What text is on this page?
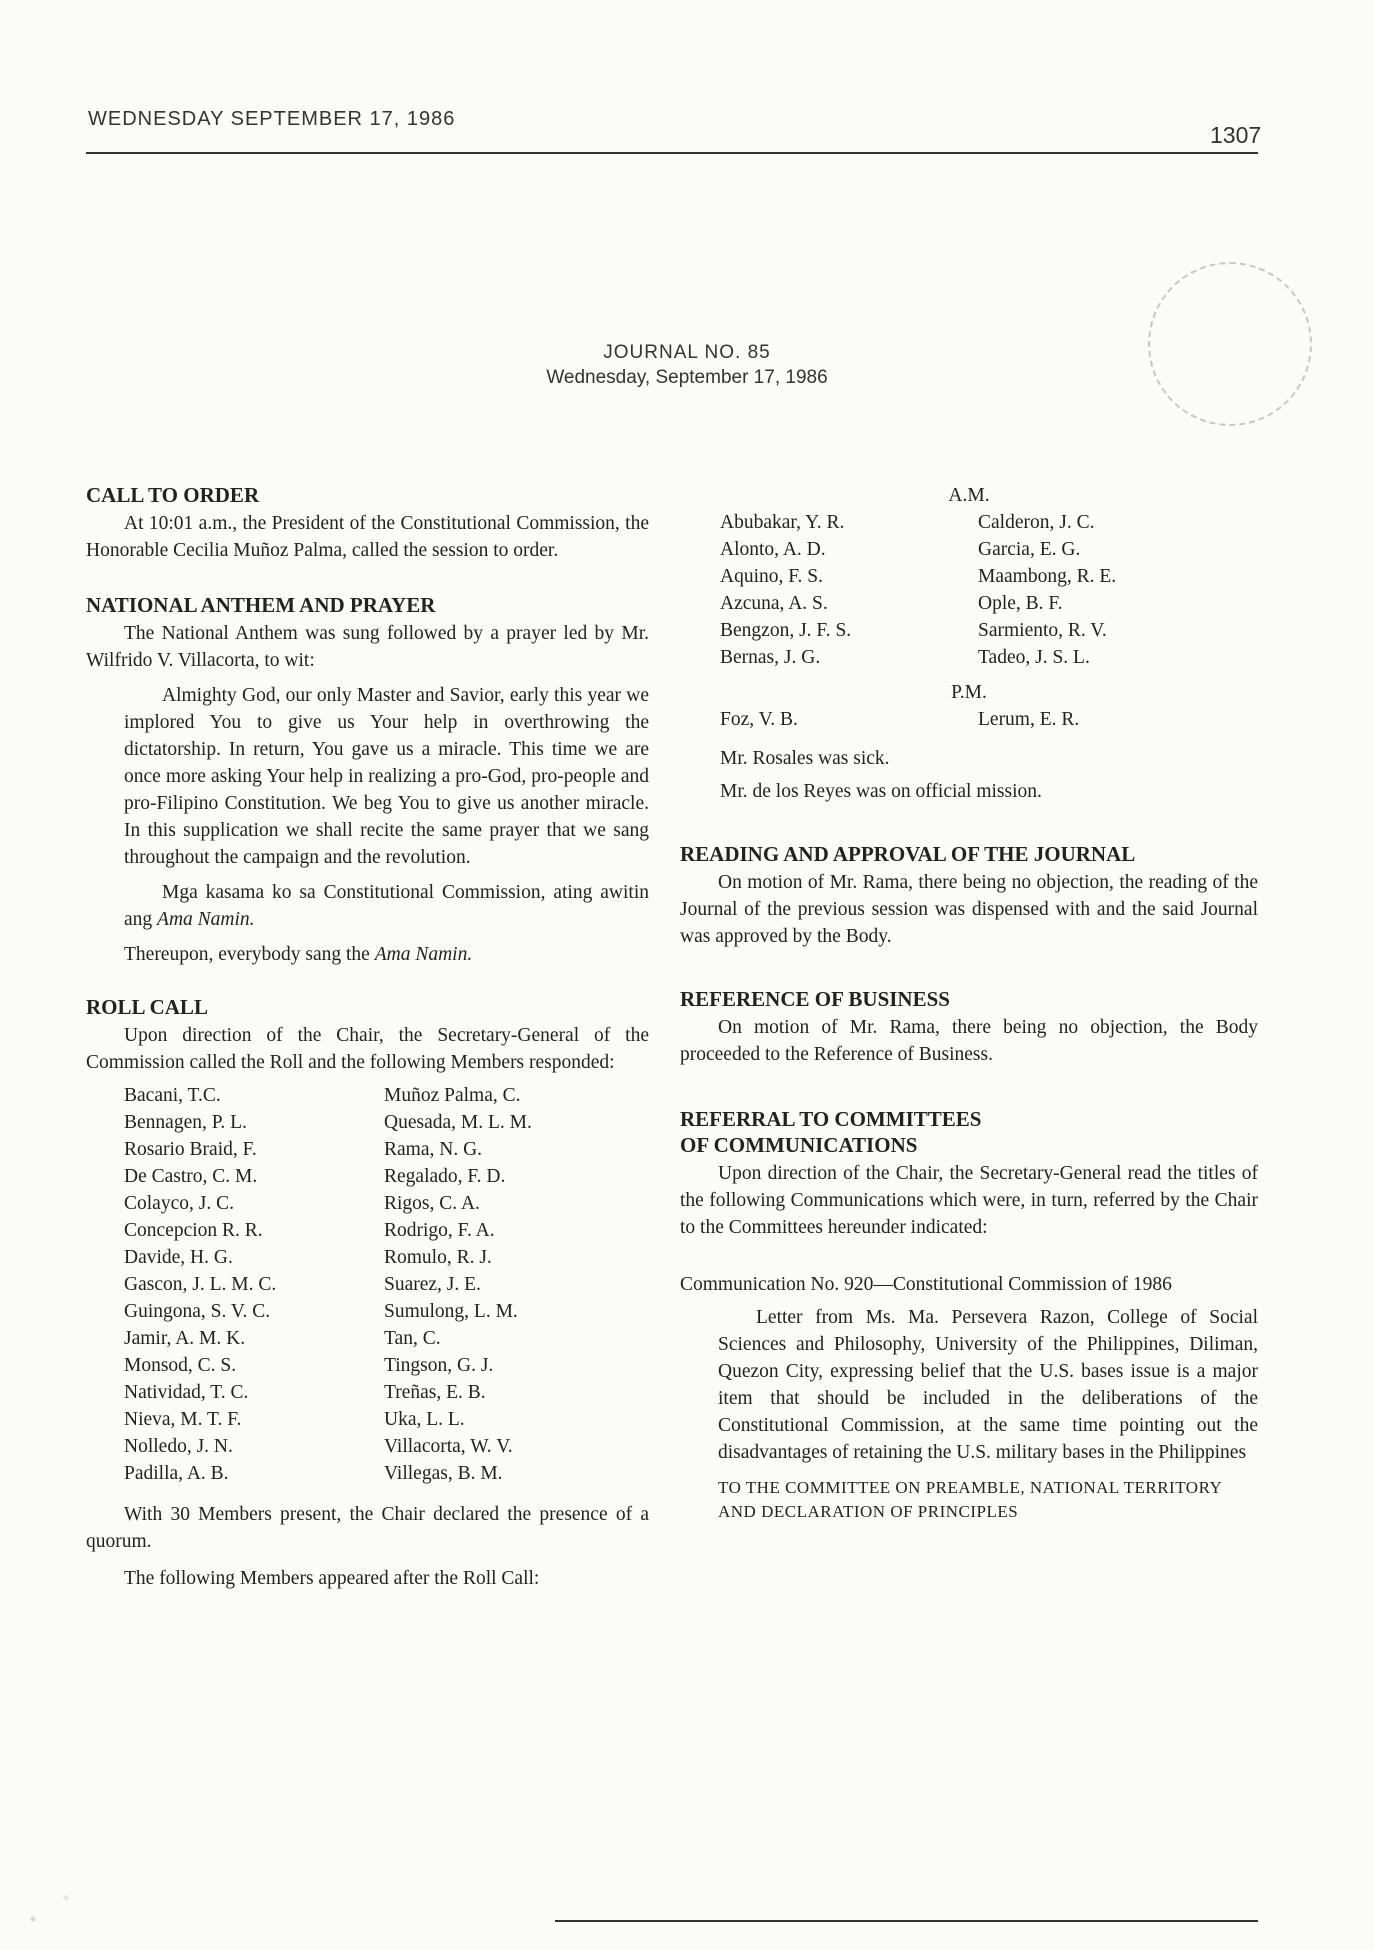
WEDNESDAY SEPTEMBER 17, 1986
1307
JOURNAL NO. 85
Wednesday, September 17, 1986
CALL TO ORDER

At 10:01 a.m., the President of the Constitutional Commission, the Honorable Cecilia Muñoz Palma, called the session to order.

NATIONAL ANTHEM AND PRAYER

The National Anthem was sung followed by a prayer led by Mr. Wilfrido V. Villacorta, to wit:

Almighty God, our only Master and Savior, early this year we implored You to give us Your help in overthrowing the dictatorship. In return, You gave us a miracle. This time we are once more asking Your help in realizing a pro-God, pro-people and pro-Filipino Constitution. We beg You to give us another miracle. In this supplication we shall recite the same prayer that we sang throughout the campaign and the revolution.

Mga kasama ko sa Constitutional Commission, ating awitin ang Ama Namin.

Thereupon, everybody sang the Ama Namin.

ROLL CALL

Upon direction of the Chair, the Secretary-General of the Commission called the Roll and the following Members responded:

Bacani, T.C.
Bennagen, P. L.
Rosario Braid, F.
De Castro, C. M.
Colayco, J. C.
Concepcion R. R.
Davide, H. G.
Gascon, J. L. M. C.
Guingona, S. V. C.
Jamir, A. M. K.
Monsod, C. S.
Natividad, T. C.
Nieva, M. T. F.
Nolledo, J. N.
Padilla, A. B.
Muñoz Palma, C.
Quesada, M. L. M.
Rama, N. G.
Regalado, F. D.
Rigos, C. A.
Rodrigo, F. A.
Romulo, R. J.
Suarez, J. E.
Sumulong, L. M.
Tan, C.
Tingson, G. J.
Treñas, E. B.
Uka, L. L.
Villacorta, W. V.
Villegas, B. M.

With 30 Members present, the Chair declared the presence of a quorum.

The following Members appeared after the Roll Call:

A.M.
Abubakar, Y. R.
Alonto, A. D.
Aquino, F. S.
Azcuna, A. S.
Bengzon, J. F. S.
Bernas, J. G.
Calderon, J. C.
Garcia, E. G.
Maambong, R. E.
Ople, B. F.
Sarmiento, R. V.
Tadeo, J. S. L.
P.M.
Foz, V. B.	Lerum, E. R.

Mr. Rosales was sick.

Mr. de los Reyes was on official mission.

READING AND APPROVAL OF THE JOURNAL

On motion of Mr. Rama, there being no objection, the reading of the Journal of the previous session was dispensed with and the said Journal was approved by the Body.

REFERENCE OF BUSINESS

On motion of Mr. Rama, there being no objection, the Body proceeded to the Reference of Business.

REFERRAL TO COMMITTEES
OF COMMUNICATIONS

Upon direction of the Chair, the Secretary-General read the titles of the following Communications which were, in turn, referred by the Chair to the Committees hereunder indicated:

Communication No. 920—Constitutional Commission of 1986

Letter from Ms. Ma. Persevera Razon, College of Social Sciences and Philosophy, University of the Philippines, Diliman, Quezon City, expressing belief that the U.S. bases issue is a major item that should be included in the deliberations of the Constitutional Commission, at the same time pointing out the disadvantages of retaining the U.S. military bases in the Philippines

TO THE COMMITTEE ON PREAMBLE, NATIONAL TERRITORY AND DECLARATION OF PRINCIPLES
